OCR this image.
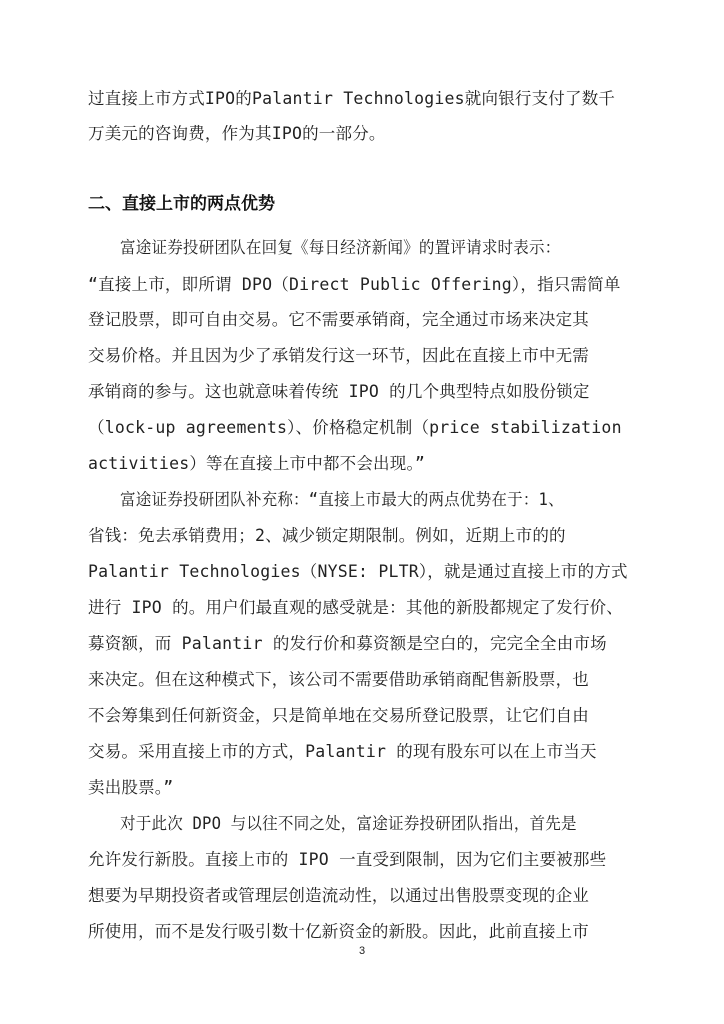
过直接上市方式IPO的Palantir Technologies就向银行支付了数千
万美元的咨询费，作为其IPO的一部分。
二、直接上市的两点优势
富途证券投研团队在回复《每日经济新闻》的置评请求时表示：
“直接上市，即所谓 DPO（Direct Public Offering），指只需简单
登记股票，即可自由交易。它不需要承销商，完全通过市场来决定其
交易价格。并且因为少了承销发行这一环节，因此在直接上市中无需
承销商的参与。这也就意味着传统 IPO 的几个典型特点如股份锁定
（lock-up agreements）、价格稳定机制（price stabilization
activities）等在直接上市中都不会出现。”
富途证券投研团队补充称：“直接上市最大的两点优势在于：1、
省钱：免去承销费用；2、减少锁定期限制。例如，近期上市的的
Palantir Technologies（NYSE: PLTR），就是通过直接上市的方式
进行 IPO 的。用户们最直观的感受就是：其他的新股都规定了发行价、
募资额，而 Palantir 的发行价和募资额是空白的，完完全全由市场
来决定。但在这种模式下，该公司不需要借助承销商配售新股票，也
不会筹集到任何新资金，只是简单地在交易所登记股票，让它们自由
交易。采用直接上市的方式，Palantir 的现有股东可以在上市当天
卖出股票。”
对于此次 DPO 与以往不同之处，富途证券投研团队指出，首先是
允许发行新股。直接上市的 IPO 一直受到限制，因为它们主要被那些
想要为早期投资者或管理层创造流动性，以通过出售股票变现的企业
所使用，而不是发行吸引数十亿新资金的新股。因此，此前直接上市
3
